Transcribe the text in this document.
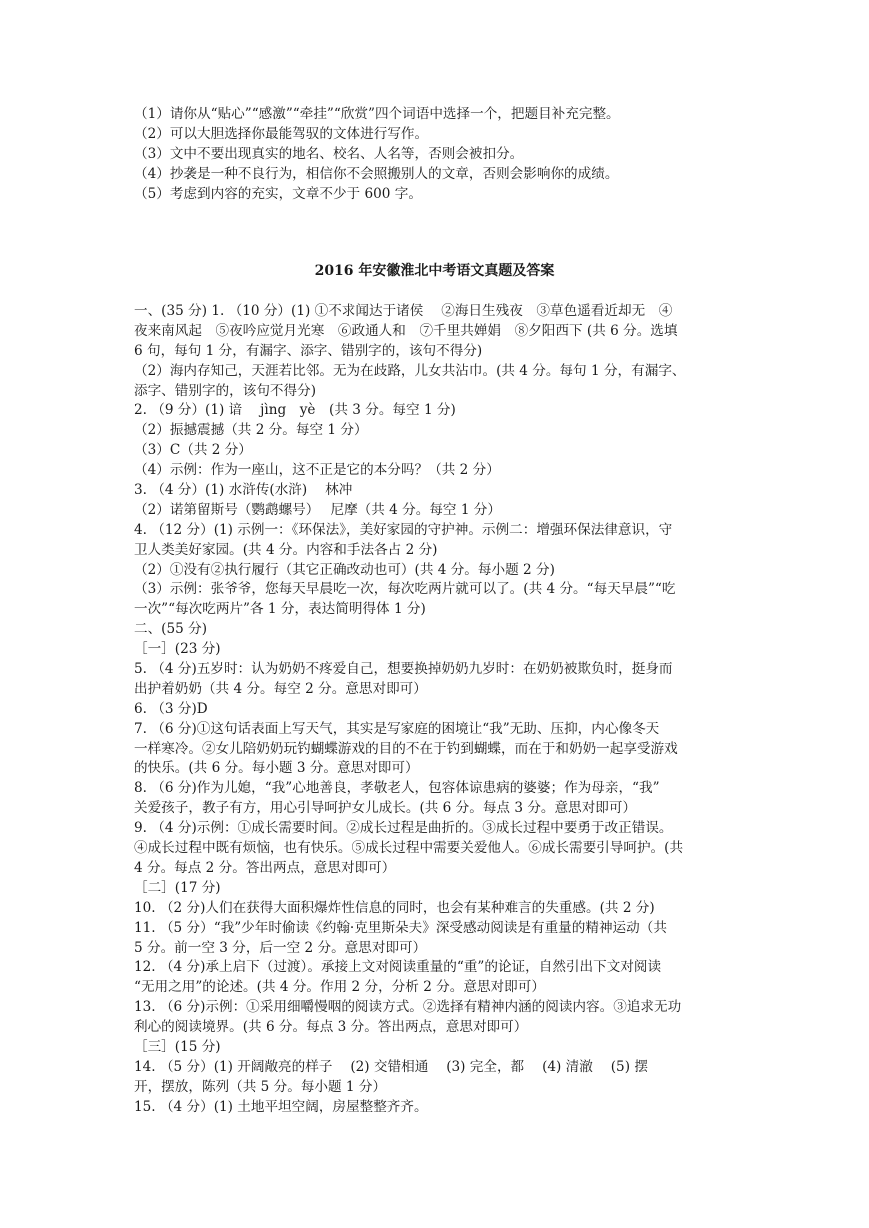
（1）请你从“贴心”“感激”“牵挂”“欣赏”四个词语中选择一个，把题目补充完整。
（2）可以大胆选择你最能驾驭的文体进行写作。
（3）文中不要出现真实的地名、校名、人名等，否则会被扣分。
（4）抄袭是一种不良行为，相信你不会照搬别人的文章，否则会影响你的成绩。
（5）考虑到内容的充实，文章不少于 600 字。
2016 年安徽淮北中考语文真题及答案
一、(35 分) 1. （10 分）(1) ①不求闻达于诸侯　 ②海日生残夜　③草色遥看近却无　④
夜来南风起　⑤夜吟应觉月光寒　⑥政通人和　⑦千里共婵娟　⑧夕阳西下 (共 6 分。选填
6 句，每句 1 分，有漏字、添字、错别字的，该句不得分)
（2）海内存知己，天涯若比邻。无为在歧路，儿女共沾巾。(共 4 分。每句 1 分，有漏字、
添字、错别字的，该句不得分)
2. （9 分）(1) 谙　 jìng　yè　(共 3 分。每空 1 分)
（2）振撼震撼（共 2 分。每空 1 分）
（3）C（共 2 分）
（4）示例：作为一座山，这不正是它的本分吗？（共 2 分）
3. （4 分）(1) 水浒传(水浒)　 林冲
（2）诺第留斯号（鹦鹉螺号）　 尼摩（共 4 分。每空 1 分）
4. （12 分）(1) 示例一：《环保法》，美好家园的守护神。示例二：增强环保法律意识，守
卫人类美好家园。(共 4 分。内容和手法各占 2 分)
（2）①没有②执行履行（其它正确改动也可）(共 4 分。每小题 2 分)
（3）示例：张爷爷，您每天早晨吃一次，每次吃两片就可以了。(共 4 分。“每天早晨”“吃
一次”“每次吃两片”各 1 分，表达简明得体 1 分)
二、(55 分)
［一］(23 分)
5. （4 分)五岁时：认为奶奶不疼爱自己，想要换掉奶奶九岁时：在奶奶被欺负时，挺身而
出护着奶奶（共 4 分。每空 2 分。意思对即可）
6. （3 分)D
7. （6 分)①这句话表面上写天气，其实是写家庭的困境让“我”无助、压抑，内心像冬天
一样寒冷。②女儿陪奶奶玩钓蝴蝶游戏的目的不在于钓到蝴蝶，而在于和奶奶一起享受游戏
的快乐。(共 6 分。每小题 3 分。意思对即可）
8. （6 分)作为儿媳，“我”心地善良，孝敬老人，包容体谅患病的婆婆；作为母亲，“我”
关爱孩子，教子有方，用心引导呵护女儿成长。(共 6 分。每点 3 分。意思对即可）
9. （4 分)示例：①成长需要时间。②成长过程是曲折的。③成长过程中要勇于改正错误。
④成长过程中既有烦恼，也有快乐。⑤成长过程中需要关爱他人。⑥成长需要引导呵护。(共
4 分。每点 2 分。答出两点，意思对即可）
［二］(17 分)
10. （2 分)人们在获得大面积爆炸性信息的同时，也会有某种难言的失重感。(共 2 分)
11. （5 分）“我”少年时偷读《约翰·克里斯朵夫》深受感动阅读是有重量的精神运动（共
5 分。前一空 3 分，后一空 2 分。意思对即可）
12. （4 分)承上启下（过渡）。承接上文对阅读重量的“重”的论证，自然引出下文对阅读
“无用之用”的论述。(共 4 分。作用 2 分，分析 2 分。意思对即可）
13. （6 分)示例：①采用细嚼慢咽的阅读方式。②选择有精神内涵的阅读内容。③追求无功
利心的阅读境界。(共 6 分。每点 3 分。答出两点，意思对即可）
［三］(15 分)
14. （5 分）(1) 开阔敞亮的样子　 (2) 交错相通　 (3) 完全，都　 (4) 清澈　 (5) 摆
开，摆放，陈列（共 5 分。每小题 1 分）
15. （4 分）(1) 土地平坦空阔，房屋整整齐齐。
